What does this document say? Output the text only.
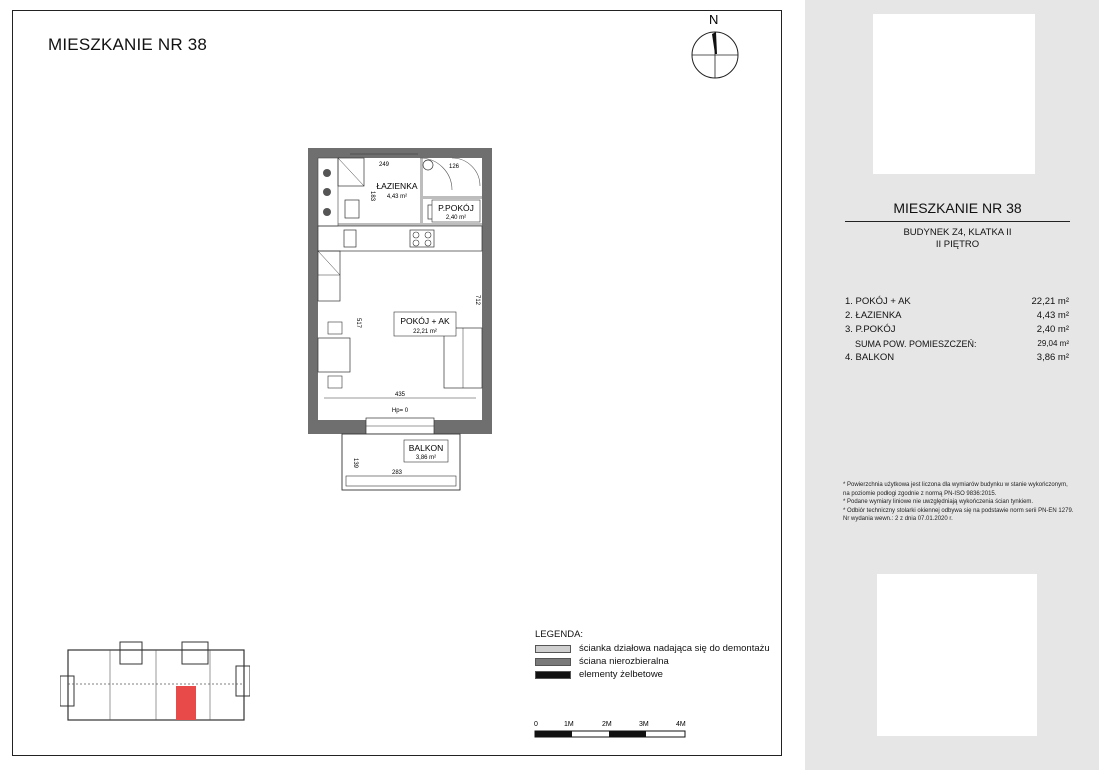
MIESZKANIE NR 38
N
ŁAZIENKA
4,43 m²
P.POKÓJ
2,40 m²
POKÓJ + AK
22,21 m²
BALKON
3,86 m²
249	126
183
712
517
435
283
139
Hp= 0
LEGENDA:
ścianka działowa nadająca się do demontażu
ściana nierozbieralna
elementy żelbetowe
0	1M	2M	3M	4M
MIESZKANIE NR 38
BUDYNEK Z4, KLATKA II
II PIĘTRO
1. POKÓJ + AK	22,21 m²
2. ŁAZIENKA	4,43 m²
3. P.POKÓJ	2,40 m²
SUMA POW. POMIESZCZEŃ:	29,04 m²
4. BALKON	3,86 m²
* Powierzchnia użytkowa jest liczona dla wymiarów budynku w stanie wykończonym, na poziomie podłogi zgodnie z normą PN-ISO 9836:2015.
* Podane wymiary liniowe nie uwzględniają wykończenia ścian tynkiem.
* Odbiór techniczny stolarki okiennej odbywa się na podstawie norm serii PN-EN 1279. Nr wydania wewn.: 2 z dnia 07.01.2020 r.
